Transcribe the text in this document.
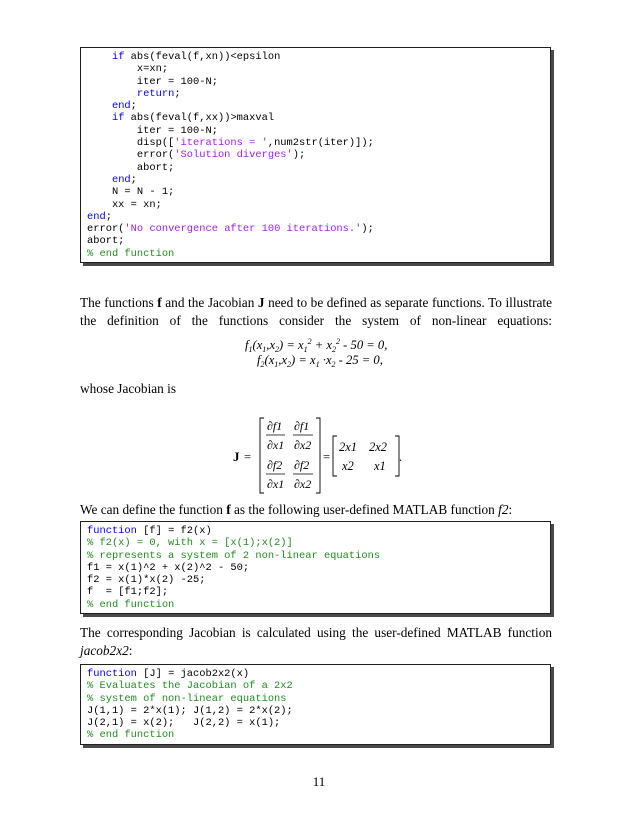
if abs(feval(f,xn))<epsilon
x=xn;
iter = 100-N;
return;
end;
if abs(feval(f,xx))>maxval
iter = 100-N;
disp(['iterations = ',num2str(iter)]);
error('Solution diverges');
abort;
end;
N = N - 1;
xx = xn;
end;
error('No convergence after 100 iterations.');
abort;
% end function
The functions f and the Jacobian J need to be defined as separate functions. To illustrate the definition of the functions consider the system of non-linear equations:
$f_1(x_1,x_2) = x_1^2 + x_2^2 - 50 = 0$,
$f_2(x_1,x_2) = x_1 \cdot x_2 - 25 = 0$,
whose Jacobian is
J =
∂f1
∂x1
∂f1
∂x2
∂f2
∂x1
∂f2
∂x2
=
2x1 2x2
x2 x1
.
We can define the function f as the following user-defined MATLAB function f2:
function [f] = f2(x)
% f2(x) = 0, with x = [x(1);x(2)]
% represents a system of 2 non-linear equations
f1 = x(1)^2 + x(2)^2 - 50;
f2 = x(1)*x(2) -25;
f  = [f1;f2];
% end function
The corresponding Jacobian is calculated using the user-defined MATLAB function jacob2x2:
function [J] = jacob2x2(x)
% Evaluates the Jacobian of a 2x2
% system of non-linear equations
J(1,1) = 2*x(1); J(1,2) = 2*x(2);
J(2,1) = x(2);   J(2,2) = x(1);
% end function
11
